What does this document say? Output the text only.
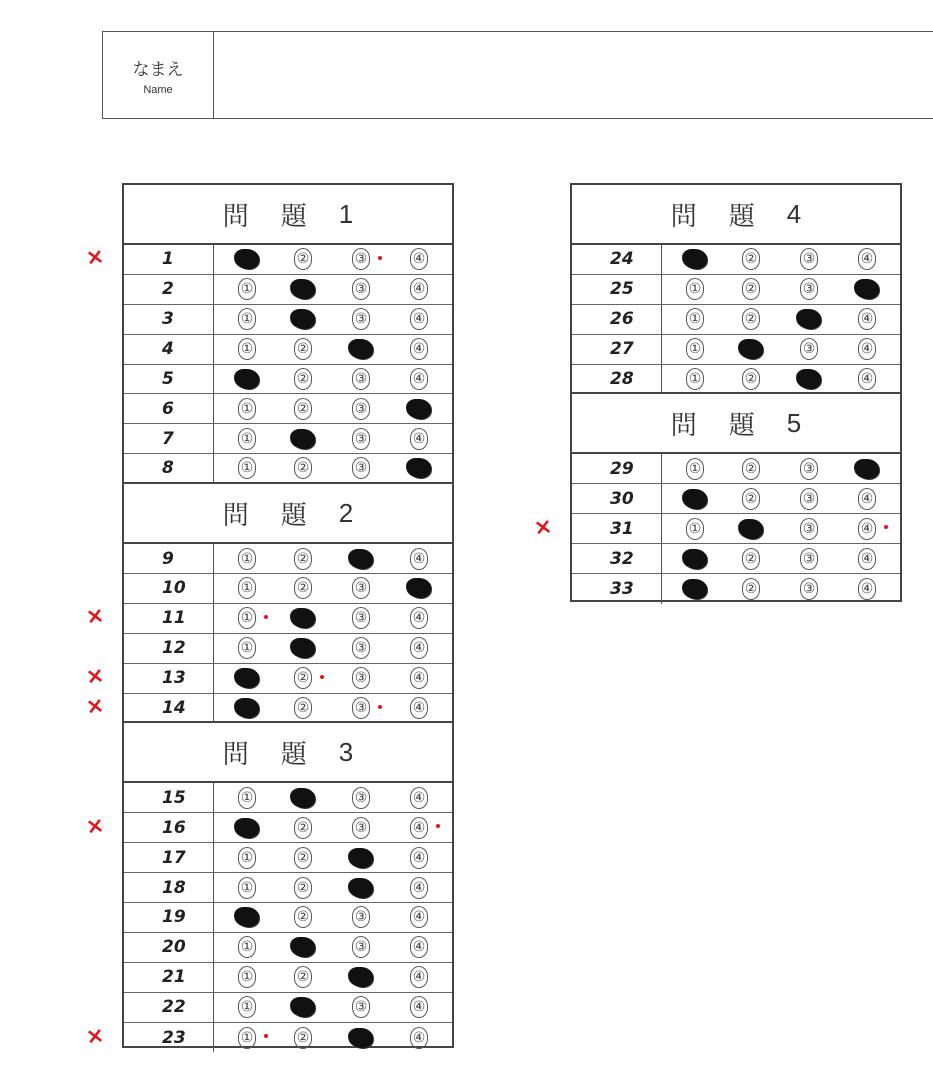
なまえ
Name
問 題 1
1	①	②	③	④
2	①	②	③	④
3	①	②	③	④
4	①	②	③	④
5	①	②	③	④
6	①	②	③	④
7	①	②	③	④
8	①	②	③	④
問 題 2
9	①	②	③	④
10	①	②	③	④
11	①	②	③	④
12	①	②	③	④
13	①	②	③	④
14	①	②	③	④
問 題 3
15	①	②	③	④
16	①	②	③	④
17	①	②	③	④
18	①	②	③	④
19	①	②	③	④
20	①	②	③	④
21	①	②	③	④
22	①	②	③	④
23	①	②	③	④
問 題 4
24	①	②	③	④
25	①	②	③	④
26	①	②	③	④
27	①	②	③	④
28	①	②	③	④
問 題 5
29	①	②	③	④
30	①	②	③	④
31	①	②	③	④
32	①	②	③	④
33	①	②	③	④
×
×
×
×
×
×
×
